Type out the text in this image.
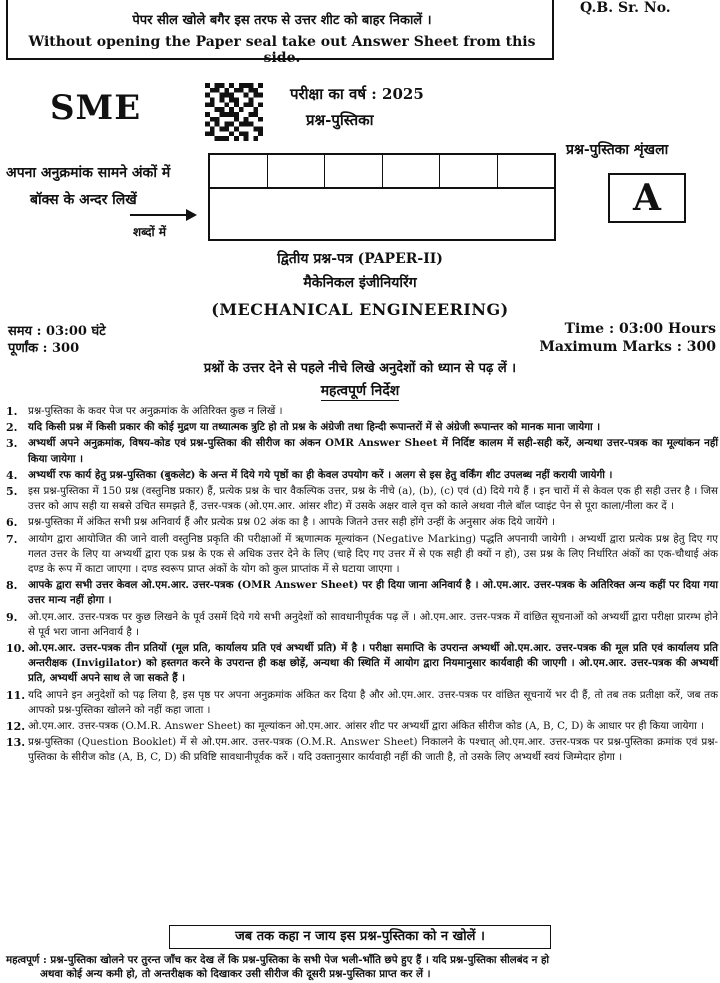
पेपर सील खोले बगैर इस तरफ से उत्तर शीट को बाहर निकालें ।
Without opening the Paper seal take out Answer Sheet from this side.
Q.B. Sr. No.
SME	परीक्षा का वर्ष : 2025
प्रश्न-पुस्तिका
प्रश्न-पुस्तिका शृंखला
A
अपना अनुक्रमांक सामने अंकों में
बॉक्स के अन्दर लिखें
शब्दों में
द्वितीय प्रश्न-पत्र (PAPER-II)
मैकेनिकल इंजीनियरिंग
(MECHANICAL ENGINEERING)
समय : 03:00 घंटे
पूर्णांक : 300
Time : 03:00 Hours
Maximum Marks : 300
प्रश्नों के उत्तर देने से पहले नीचे लिखे अनुदेशों को ध्यान से पढ़ लें ।
महत्वपूर्ण निर्देश
1.	प्रश्न-पुस्तिका के कवर पेज पर अनुक्रमांक के अतिरिक्त कुछ न लिखें ।
2.	यदि किसी प्रश्न में किसी प्रकार की कोई मुद्रण या तथ्यात्मक त्रुटि हो तो प्रश्न के अंग्रेजी तथा हिन्दी रूपान्तरों में से अंग्रेजी रूपान्तर को मानक माना जायेगा ।
3.	अभ्यर्थी अपने अनुक्रमांक, विषय-कोड एवं प्रश्न-पुस्तिका की सीरीज का अंकन OMR Answer Sheet में निर्दिष्ट कालम में सही-सही करें, अन्यथा उत्तर-पत्रक का मूल्यांकन नहीं किया जायेगा ।
4.	अभ्यर्थी रफ कार्य हेतु प्रश्न-पुस्तिका (बुकलेट) के अन्त में दिये गये पृष्ठों का ही केवल उपयोग करें । अलग से इस हेतु वर्किंग शीट उपलब्ध नहीं करायी जायेगी ।
5.	इस प्रश्न-पुस्तिका में 150 प्रश्न (वस्तुनिष्ठ प्रकार) हैं, प्रत्येक प्रश्न के चार वैकल्पिक उत्तर, प्रश्न के नीचे (a), (b), (c) एवं (d) दिये गये हैं । इन चारों में से केवल एक ही सही उत्तर है । जिस उत्तर को आप सही या सबसे उचित समझते हैं, उत्तर-पत्रक (ओ.एम.आर. आंसर शीट) में उसके अक्षर वाले वृत्त को काले अथवा नीले बॉल प्वाइंट पेन से पूरा काला/नीला कर दें ।
6.	प्रश्न-पुस्तिका में अंकित सभी प्रश्न अनिवार्य हैं और प्रत्येक प्रश्न 02 अंक का है । आपके जितने उत्तर सही होंगे उन्हीं के अनुसार अंक दिये जायेंगे ।
7.	आयोग द्वारा आयोजित की जाने वाली वस्तुनिष्ठ प्रकृति की परीक्षाओं में ऋणात्मक मूल्यांकन (Negative Marking) पद्धति अपनायी जायेगी । अभ्यर्थी द्वारा प्रत्येक प्रश्न हेतु दिए गए गलत उत्तर के लिए या अभ्यर्थी द्वारा एक प्रश्न के एक से अधिक उत्तर देने के लिए (चाहे दिए गए उत्तर में से एक सही ही क्यों न हो), उस प्रश्न के लिए निर्धारित अंकों का एक-चौथाई अंक दण्ड के रूप में काटा जाएगा । दण्ड स्वरूप प्राप्त अंकों के योग को कुल प्राप्तांक में से घटाया जाएगा ।
8.	आपके द्वारा सभी उत्तर केवल ओ.एम.आर. उत्तर-पत्रक (OMR Answer Sheet) पर ही दिया जाना अनिवार्य है । ओ.एम.आर. उत्तर-पत्रक के अतिरिक्त अन्य कहीं पर दिया गया उत्तर मान्य नहीं होगा ।
9.	ओ.एम.आर. उत्तर-पत्रक पर कुछ लिखने के पूर्व उसमें दिये गये सभी अनुदेशों को सावधानीपूर्वक पढ़ लें । ओ.एम.आर. उत्तर-पत्रक में वांछित सूचनाओं को अभ्यर्थी द्वारा परीक्षा प्रारम्भ होने से पूर्व भरा जाना अनिवार्य है ।
10. ओ.एम.आर. उत्तर-पत्रक तीन प्रतियों (मूल प्रति, कार्यालय प्रति एवं अभ्यर्थी प्रति) में है । परीक्षा समाप्ति के उपरान्त अभ्यर्थी ओ.एम.आर. उत्तर-पत्रक की मूल प्रति एवं कार्यालय प्रति अन्तरीक्षक (Invigilator) को हस्तगत करने के उपरान्त ही कक्ष छोड़ें, अन्यथा की स्थिति में आयोग द्वारा नियमानुसार कार्यवाही की जाएगी । ओ.एम.आर. उत्तर-पत्रक की अभ्यर्थी प्रति, अभ्यर्थी अपने साथ ले जा सकते हैं ।
11. यदि आपने इन अनुदेशों को पढ़ लिया है, इस पृष्ठ पर अपना अनुक्रमांक अंकित कर दिया है और ओ.एम.आर. उत्तर-पत्रक पर वांछित सूचनायें भर दी हैं, तो तब तक प्रतीक्षा करें, जब तक आपको प्रश्न-पुस्तिका खोलने को नहीं कहा जाता ।
12. ओ.एम.आर. उत्तर-पत्रक (O.M.R. Answer Sheet) का मूल्यांकन ओ.एम.आर. आंसर शीट पर अभ्यर्थी द्वारा अंकित सीरीज कोड (A, B, C, D) के आधार पर ही किया जायेगा ।
13. प्रश्न-पुस्तिका (Question Booklet) में से ओ.एम.आर. उत्तर-पत्रक (O.M.R. Answer Sheet) निकालने के पश्चात् ओ.एम.आर. उत्तर-पत्रक पर प्रश्न-पुस्तिका क्रमांक एवं प्रश्न-पुस्तिका के सीरीज कोड (A, B, C, D) की प्रविष्टि सावधानीपूर्वक करें । यदि उक्तानुसार कार्यवाही नहीं की जाती है, तो उसके लिए अभ्यर्थी स्वयं जिम्मेदार होगा ।
जब तक कहा न जाय इस प्रश्न-पुस्तिका को न खोलें ।
महत्वपूर्ण : प्रश्न-पुस्तिका खोलने पर तुरन्त जाँच कर देख लें कि प्रश्न-पुस्तिका के सभी पेज भली-भाँति छपे हुए हैं । यदि प्रश्न-पुस्तिका सीलबंद न हो
अथवा कोई अन्य कमी हो, तो अन्तरीक्षक को दिखाकर उसी सीरीज की दूसरी प्रश्न-पुस्तिका प्राप्त कर लें ।
